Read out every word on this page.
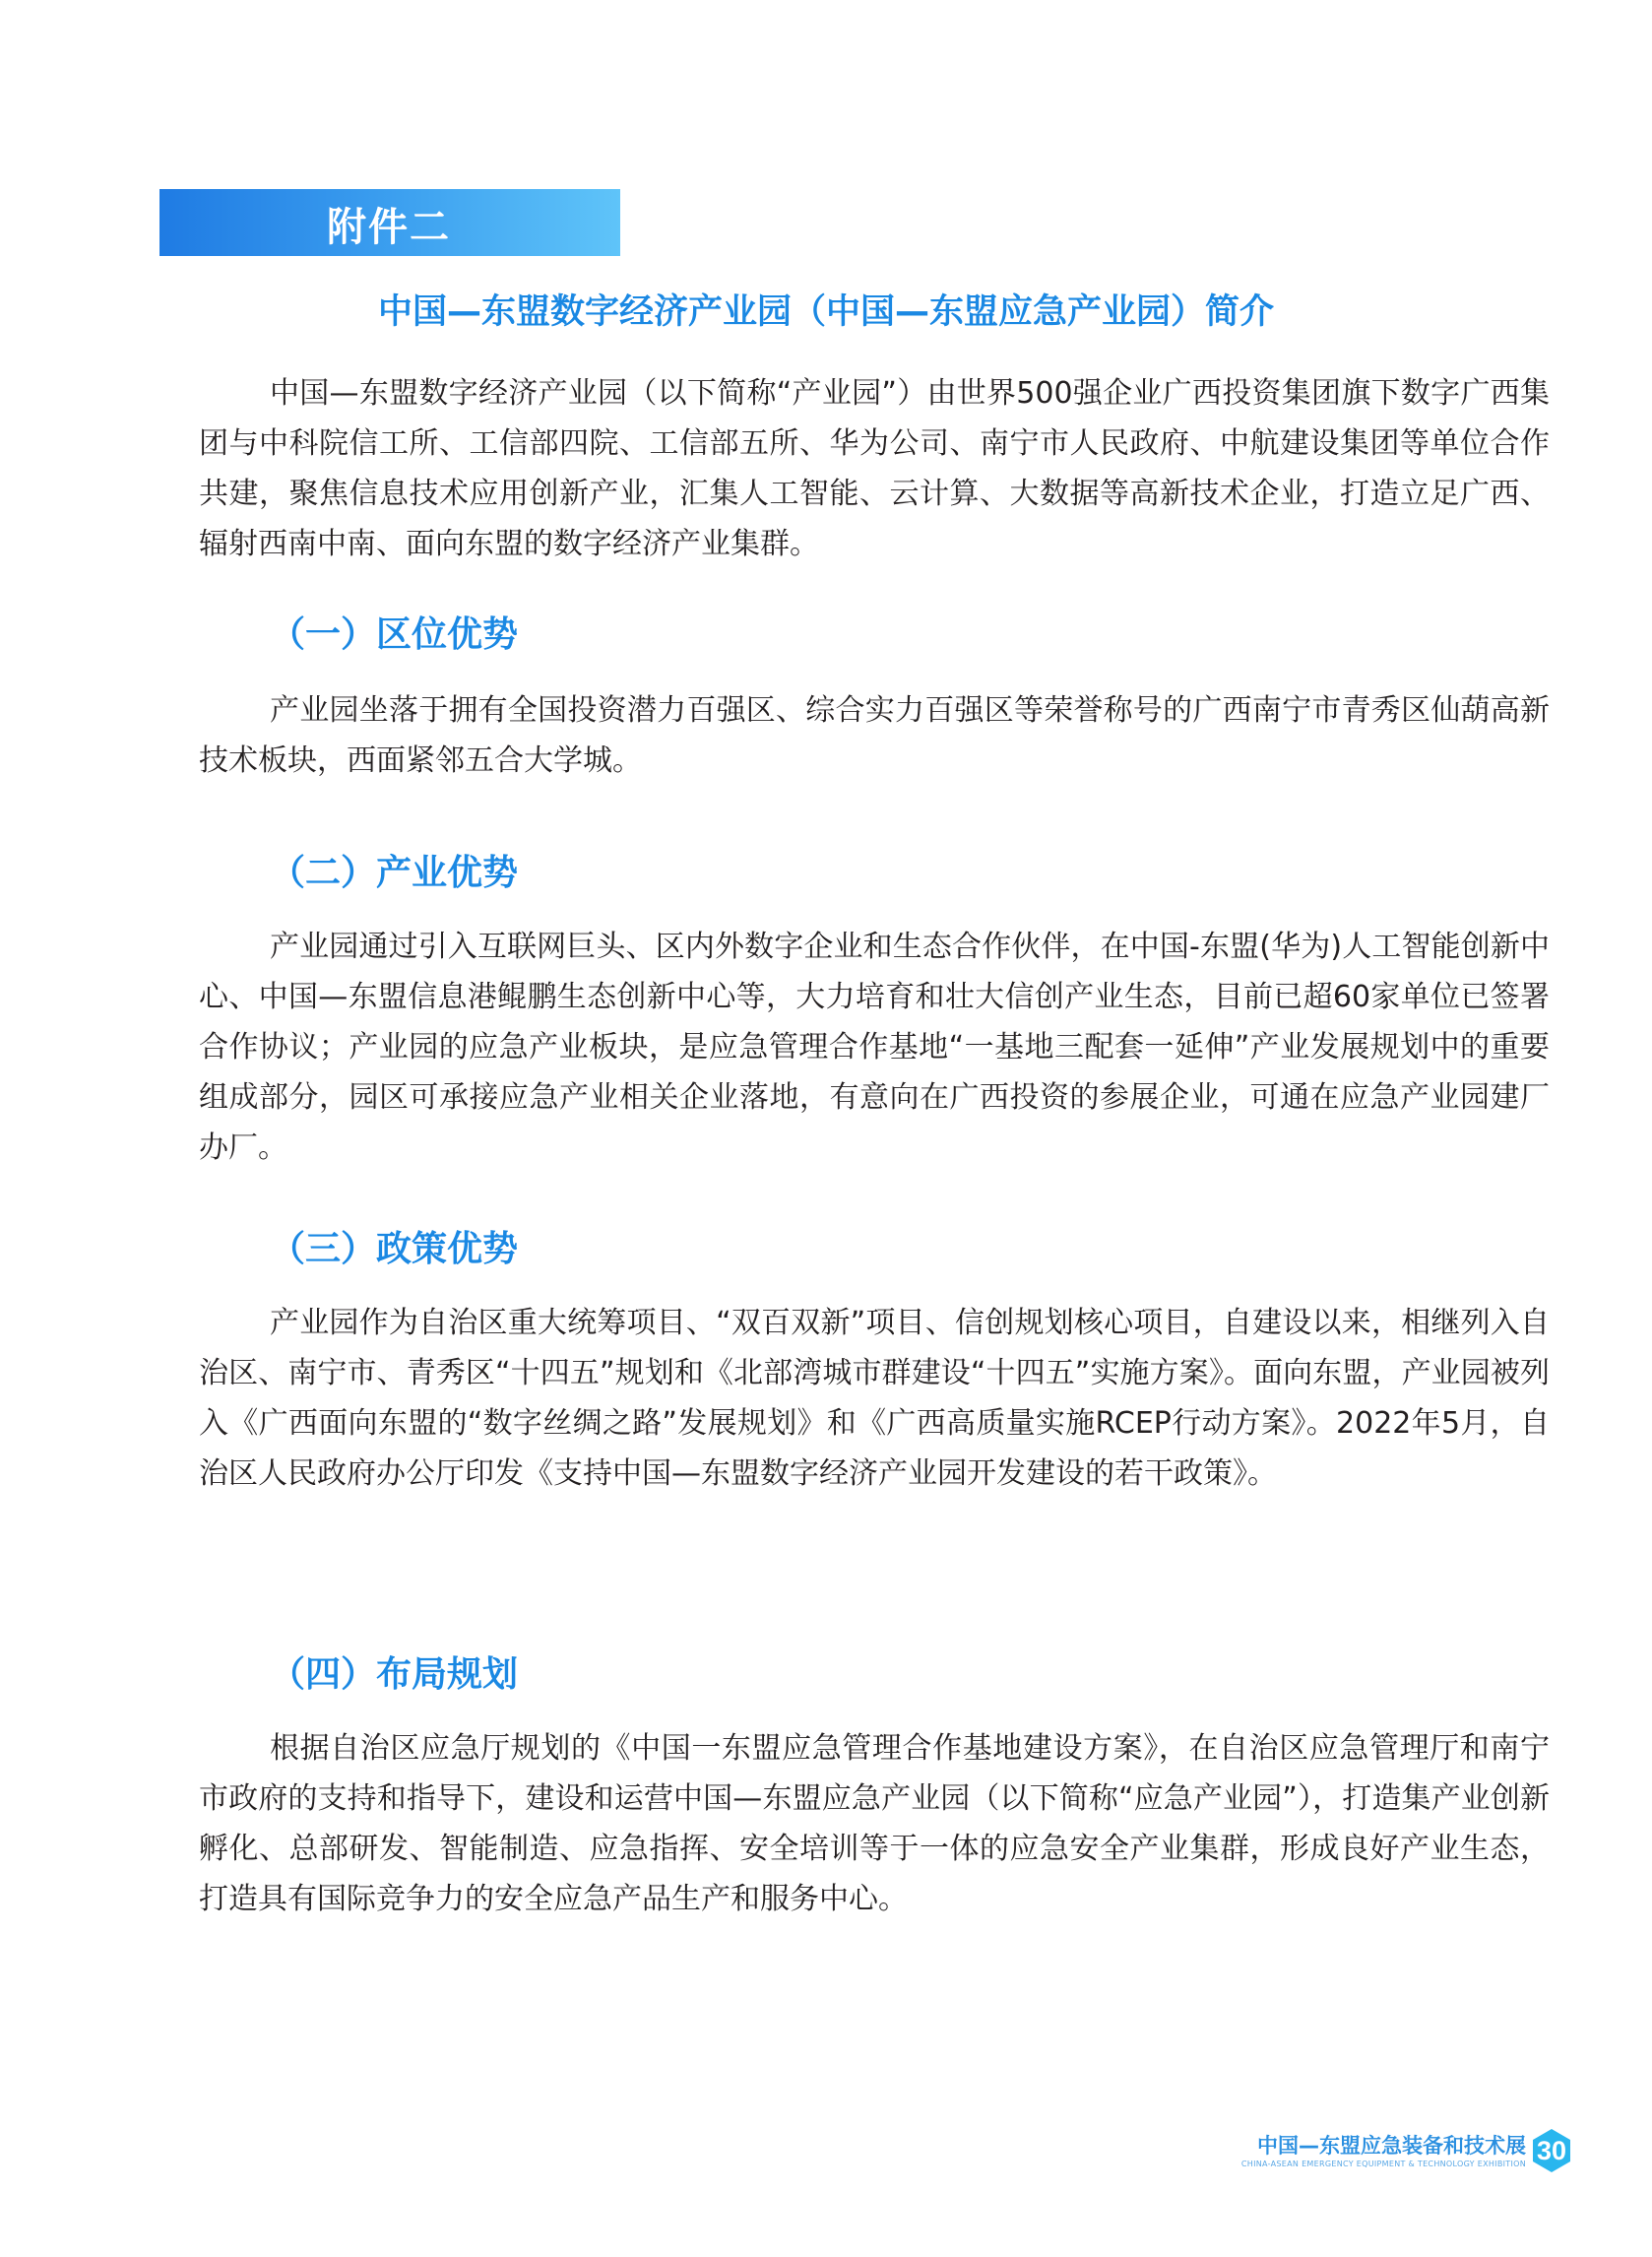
附件二
中国—东盟数字经济产业园（中国—东盟应急产业园）简介

中国—东盟数字经济产业园（以下简称“产业园”）由世界500强企业广西投资集团旗下数字广西集团与中科院信工所、工信部四院、工信部五所、华为公司、南宁市人民政府、中航建设集团等单位合作共建，聚焦信息技术应用创新产业，汇集人工智能、云计算、大数据等高新技术企业，打造立足广西、辐射西南中南、面向东盟的数字经济产业集群。

（一）区位优势

产业园坐落于拥有全国投资潜力百强区、综合实力百强区等荣誉称号的广西南宁市青秀区仙葫高新技术板块，西面紧邻五合大学城。

（二）产业优势

产业园通过引入互联网巨头、区内外数字企业和生态合作伙伴，在中国-东盟(华为)人工智能创新中心、中国—东盟信息港鲲鹏生态创新中心等，大力培育和壮大信创产业生态，目前已超60家单位已签署合作协议；产业园的应急产业板块，是应急管理合作基地“一基地三配套一延伸”产业发展规划中的重要组成部分，园区可承接应急产业相关企业落地，有意向在广西投资的参展企业，可通在应急产业园建厂办厂。

（三）政策优势

产业园作为自治区重大统筹项目、“双百双新”项目、信创规划核心项目，自建设以来，相继列入自治区、南宁市、青秀区“十四五”规划和《北部湾城市群建设“十四五”实施方案》。面向东盟，产业园被列入《广西面向东盟的“数字丝绸之路”发展规划》和《广西高质量实施RCEP行动方案》。2022年5月，自治区人民政府办公厅印发《支持中国—东盟数字经济产业园开发建设的若干政策》。

（四）布局规划

根据自治区应急厅规划的《中国一东盟应急管理合作基地建设方案》，在自治区应急管理厅和南宁市政府的支持和指导下，建设和运营中国—东盟应急产业园（以下简称“应急产业园”），打造集产业创新孵化、总部研发、智能制造、应急指挥、安全培训等于一体的应急安全产业集群，形成良好产业生态，打造具有国际竞争力的安全应急产品生产和服务中心。

中国—东盟应急装备和技术展
CHINA-ASEAN EMERGENCY EQUIPMENT & TECHNOLOGY EXHIBITION 30
